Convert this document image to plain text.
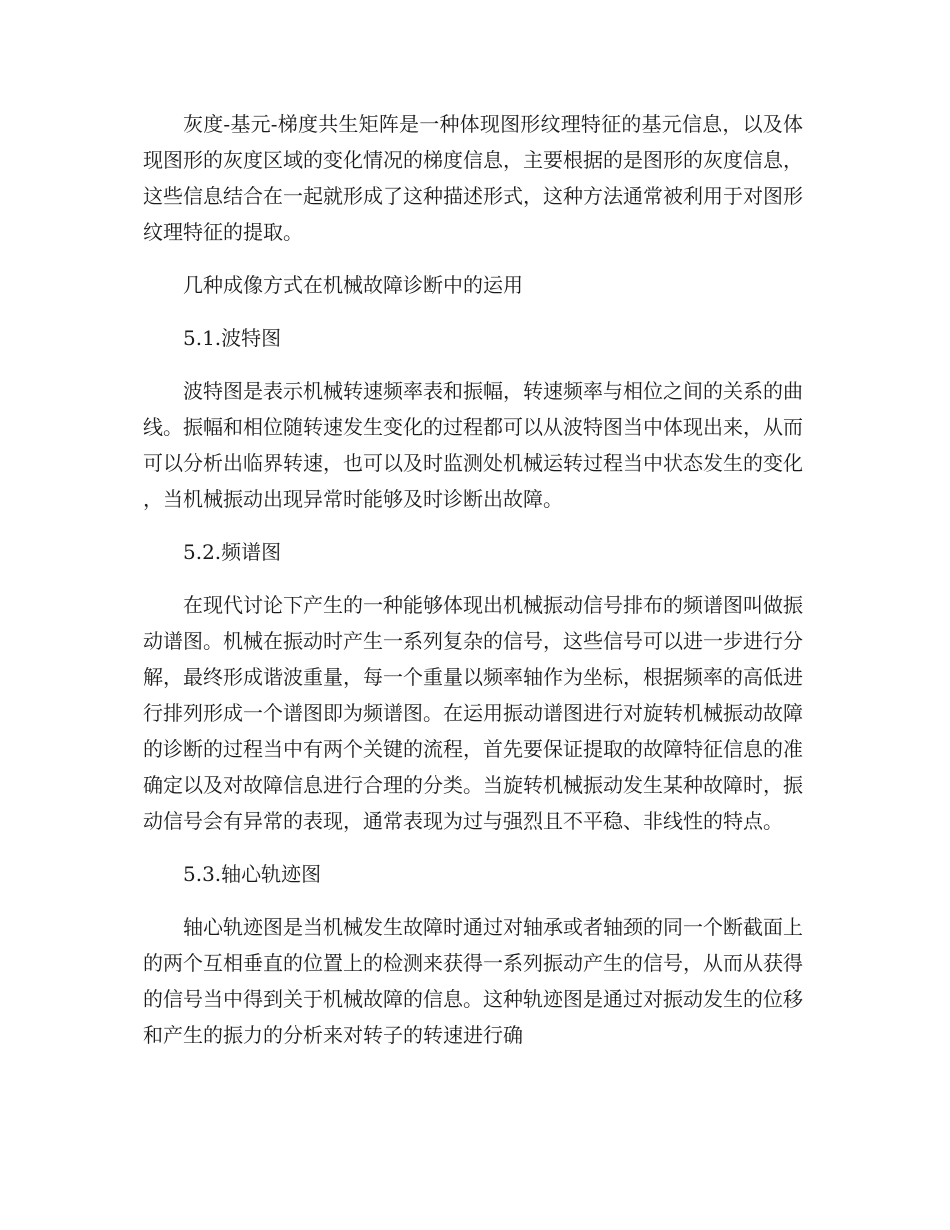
灰度-基元-梯度共生矩阵是一种体现图形纹理特征的基元信息，以及体现图形的灰度区域的变化情况的梯度信息，主要根据的是图形的灰度信息，这些信息结合在一起就形成了这种描述形式，这种方法通常被利用于对图形纹理特征的提取。

几种成像方式在机械故障诊断中的运用

5.1.波特图

波特图是表示机械转速频率表和振幅，转速频率与相位之间的关系的曲线。振幅和相位随转速发生变化的过程都可以从波特图当中体现出来，从而可以分析出临界转速，也可以及时监测处机械运转过程当中状态发生的变化，当机械振动出现异常时能够及时诊断出故障。

5.2.频谱图

在现代讨论下产生的一种能够体现出机械振动信号排布的频谱图叫做振动谱图。机械在振动时产生一系列复杂的信号，这些信号可以进一步进行分解，最终形成谐波重量，每一个重量以频率轴作为坐标，根据频率的高低进行排列形成一个谱图即为频谱图。在运用振动谱图进行对旋转机械振动故障的诊断的过程当中有两个关键的流程，首先要保证提取的故障特征信息的准确定以及对故障信息进行合理的分类。当旋转机械振动发生某种故障时，振动信号会有异常的表现，通常表现为过与强烈且不平稳、非线性的特点。

5.3.轴心轨迹图

轴心轨迹图是当机械发生故障时通过对轴承或者轴颈的同一个断截面上的两个互相垂直的位置上的检测来获得一系列振动产生的信号，从而从获得的信号当中得到关于机械故障的信息。这种轨迹图是通过对振动发生的位移和产生的振力的分析来对转子的转速进行确
